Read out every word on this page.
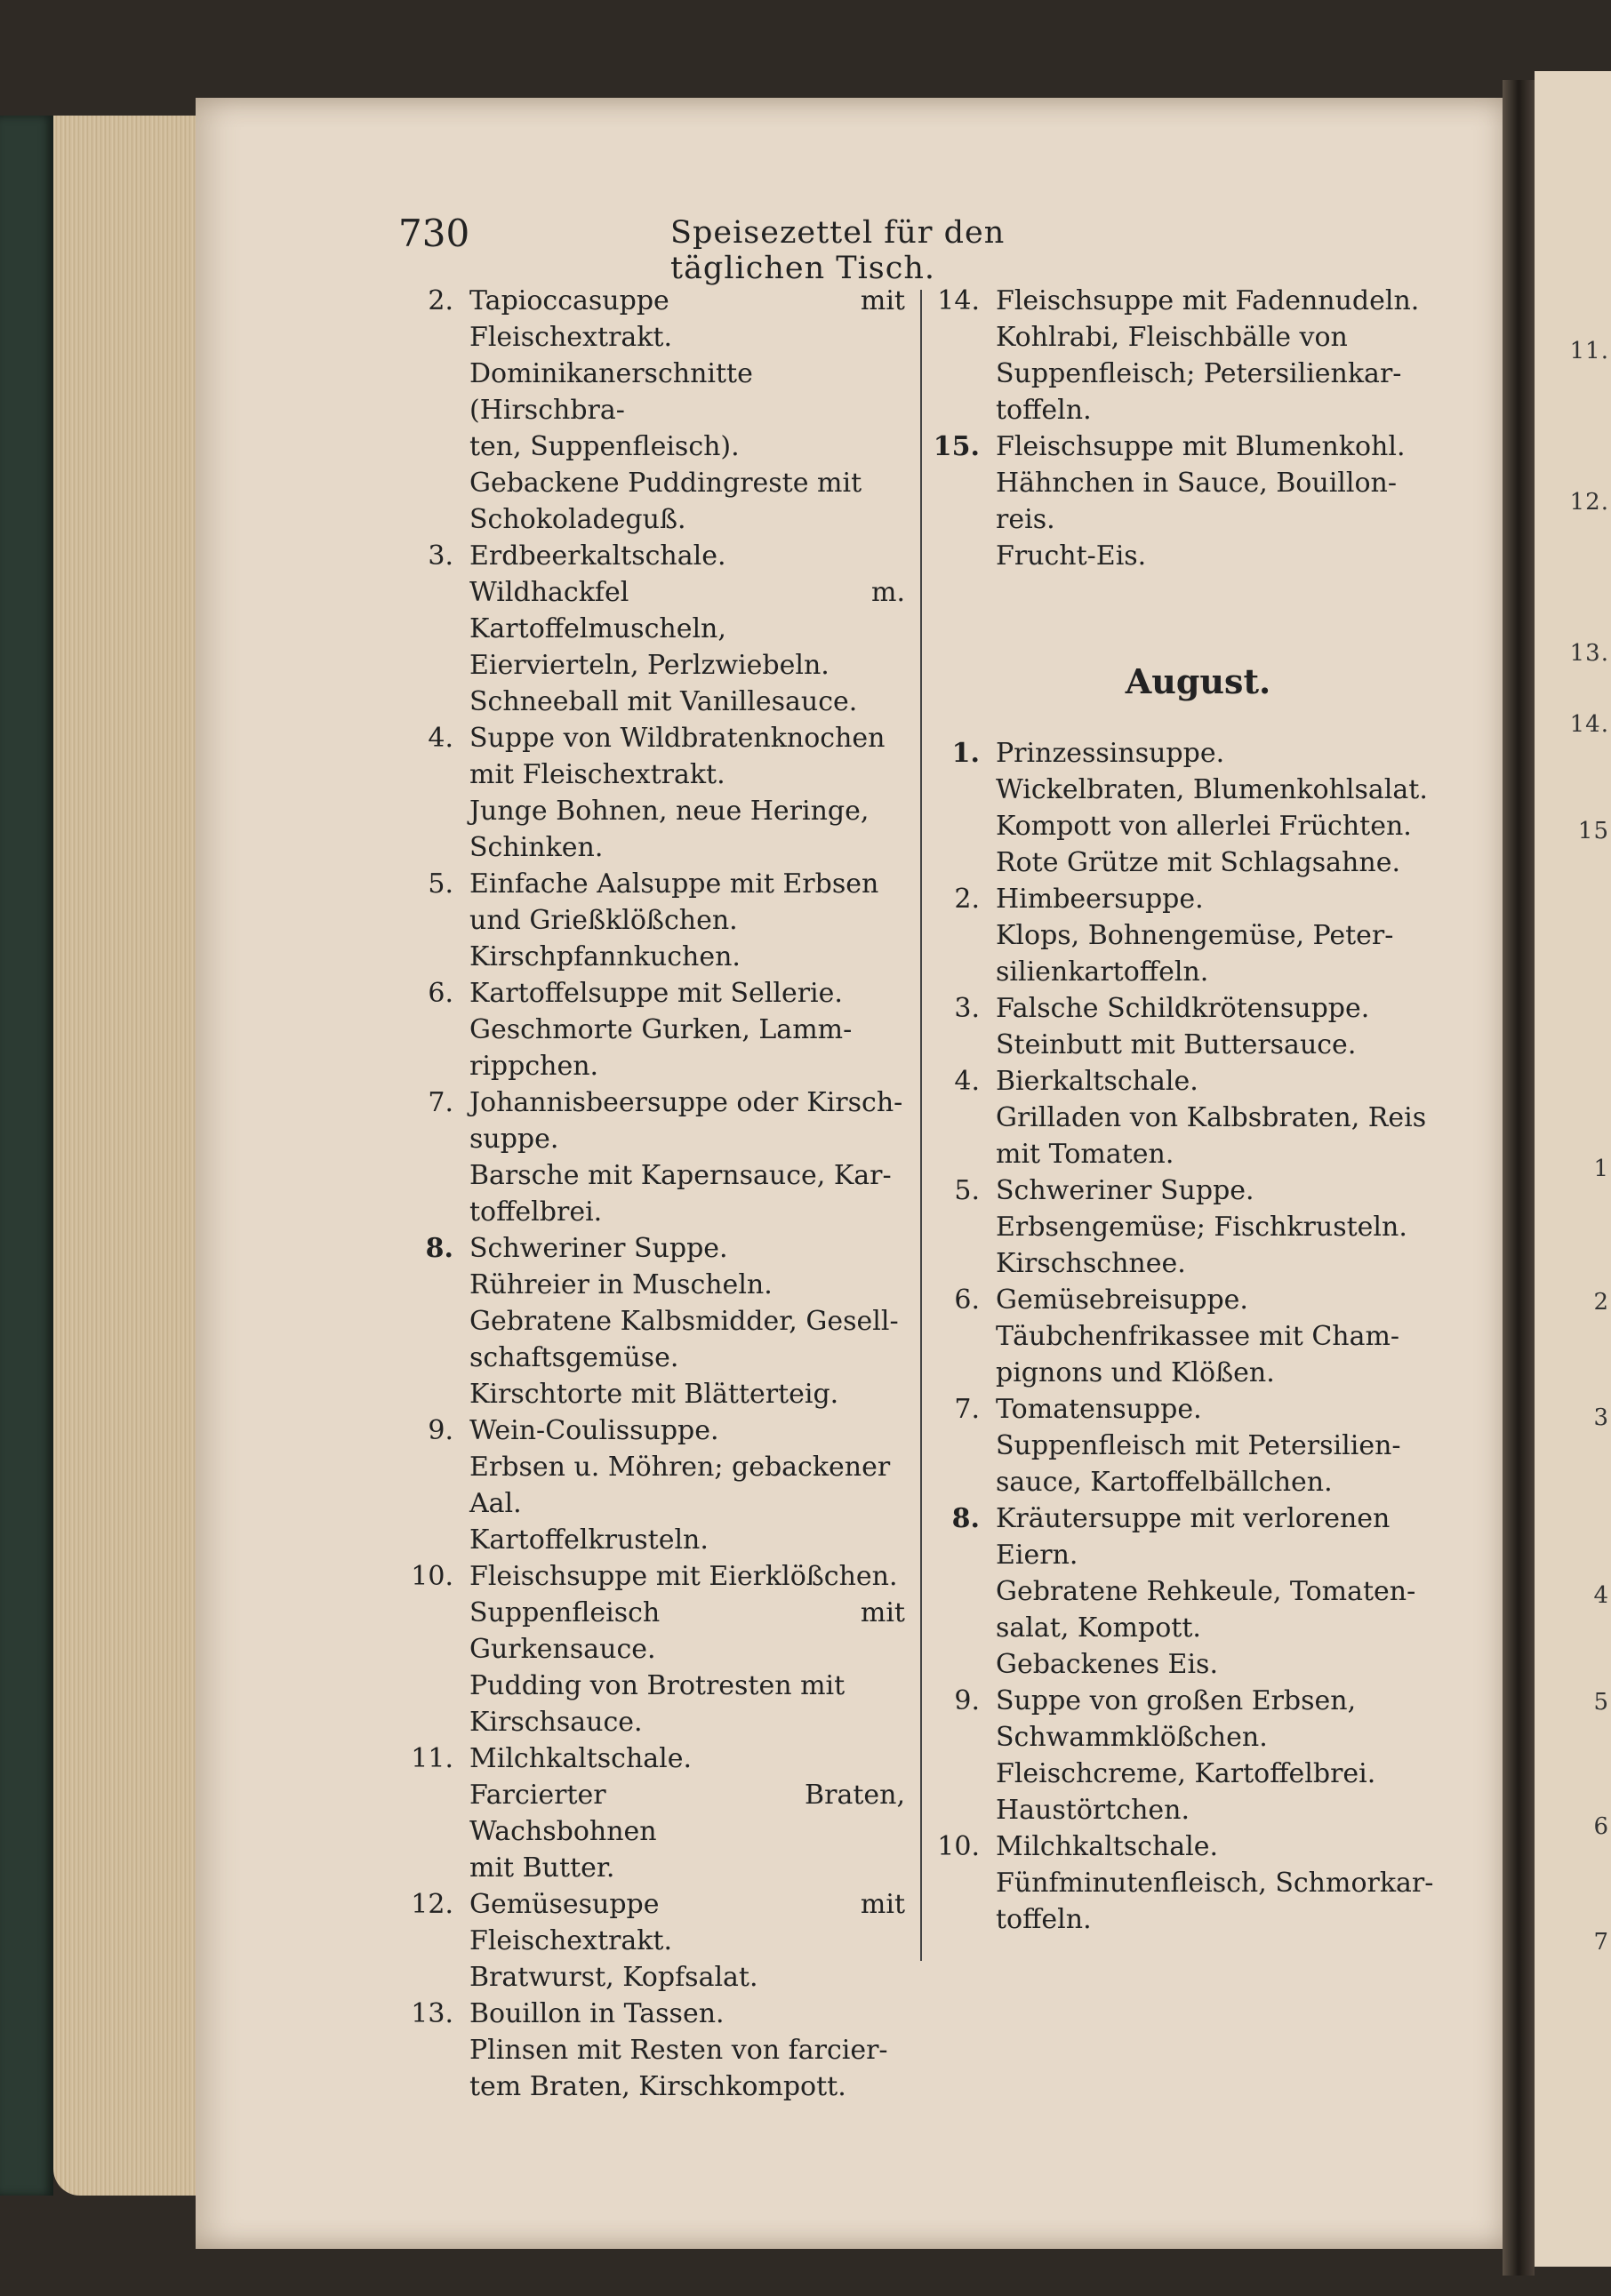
11.
12.
13.
14.
15
1
2
3
4
5
6
7
730	Speisezettel für den täglichen Tisch.
2. Tapioccasuppe mit Fleischextrakt.
Dominikanerschnitte (Hirschbra-
ten, Suppenfleisch).
Gebackene Puddingreste mit
Schokoladeguß.
3. Erdbeerkaltschale.
Wildhackfel m. Kartoffelmuscheln,
Eiervierteln, Perlzwiebeln.
Schneeball mit Vanillesauce.
4. Suppe von Wildbratenknochen
mit Fleischextrakt.
Junge Bohnen, neue Heringe,
Schinken.
5. Einfache Aalsuppe mit Erbsen
und Grießklößchen.
Kirschpfannkuchen.
6. Kartoffelsuppe mit Sellerie.
Geschmorte Gurken, Lamm-
rippchen.
7. Johannisbeersuppe oder Kirsch-
suppe.
Barsche mit Kapernsauce, Kar-
toffelbrei.
8. Schweriner Suppe.
Rühreier in Muscheln.
Gebratene Kalbsmidder, Gesell-
schaftsgemüse.
Kirschtorte mit Blätterteig.
9. Wein-Coulissuppe.
Erbsen u. Möhren; gebackener
Aal.
Kartoffelkrusteln.
10. Fleischsuppe mit Eierklößchen.
Suppenfleisch mit Gurkensauce.
Pudding von Brotresten mit
Kirschsauce.
11. Milchkaltschale.
Farcierter Braten, Wachsbohnen
mit Butter.
12. Gemüsesuppe mit Fleischextrakt.
Bratwurst, Kopfsalat.
13. Bouillon in Tassen.
Plinsen mit Resten von farcier-
tem Braten, Kirschkompott.
14. Fleischsuppe mit Fadennudeln.
Kohlrabi, Fleischbälle von
Suppenfleisch; Petersilienkar-
toffeln.
15. Fleischsuppe mit Blumenkohl.
Hähnchen in Sauce, Bouillon-
reis.
Frucht-Eis.
August.
1. Prinzessinsuppe.
Wickelbraten, Blumenkohlsalat.
Kompott von allerlei Früchten.
Rote Grütze mit Schlagsahne.
2. Himbeersuppe.
Klops, Bohnengemüse, Peter-
silienkartoffeln.
3. Falsche Schildkrötensuppe.
Steinbutt mit Buttersauce.
4. Bierkaltschale.
Grilladen von Kalbsbraten, Reis
mit Tomaten.
5. Schweriner Suppe.
Erbsengemüse; Fischkrusteln.
Kirschschnee.
6. Gemüsebreisuppe.
Täubchenfrikassee mit Cham-
pignons und Klößen.
7. Tomatensuppe.
Suppenfleisch mit Petersilien-
sauce, Kartoffelbällchen.
8. Kräutersuppe mit verlorenen
Eiern.
Gebratene Rehkeule, Tomaten-
salat, Kompott.
Gebackenes Eis.
9. Suppe von großen Erbsen,
Schwammklößchen.
Fleischcreme, Kartoffelbrei.
Haustörtchen.
10. Milchkaltschale.
Fünfminutenfleisch, Schmorkar-
toffeln.
